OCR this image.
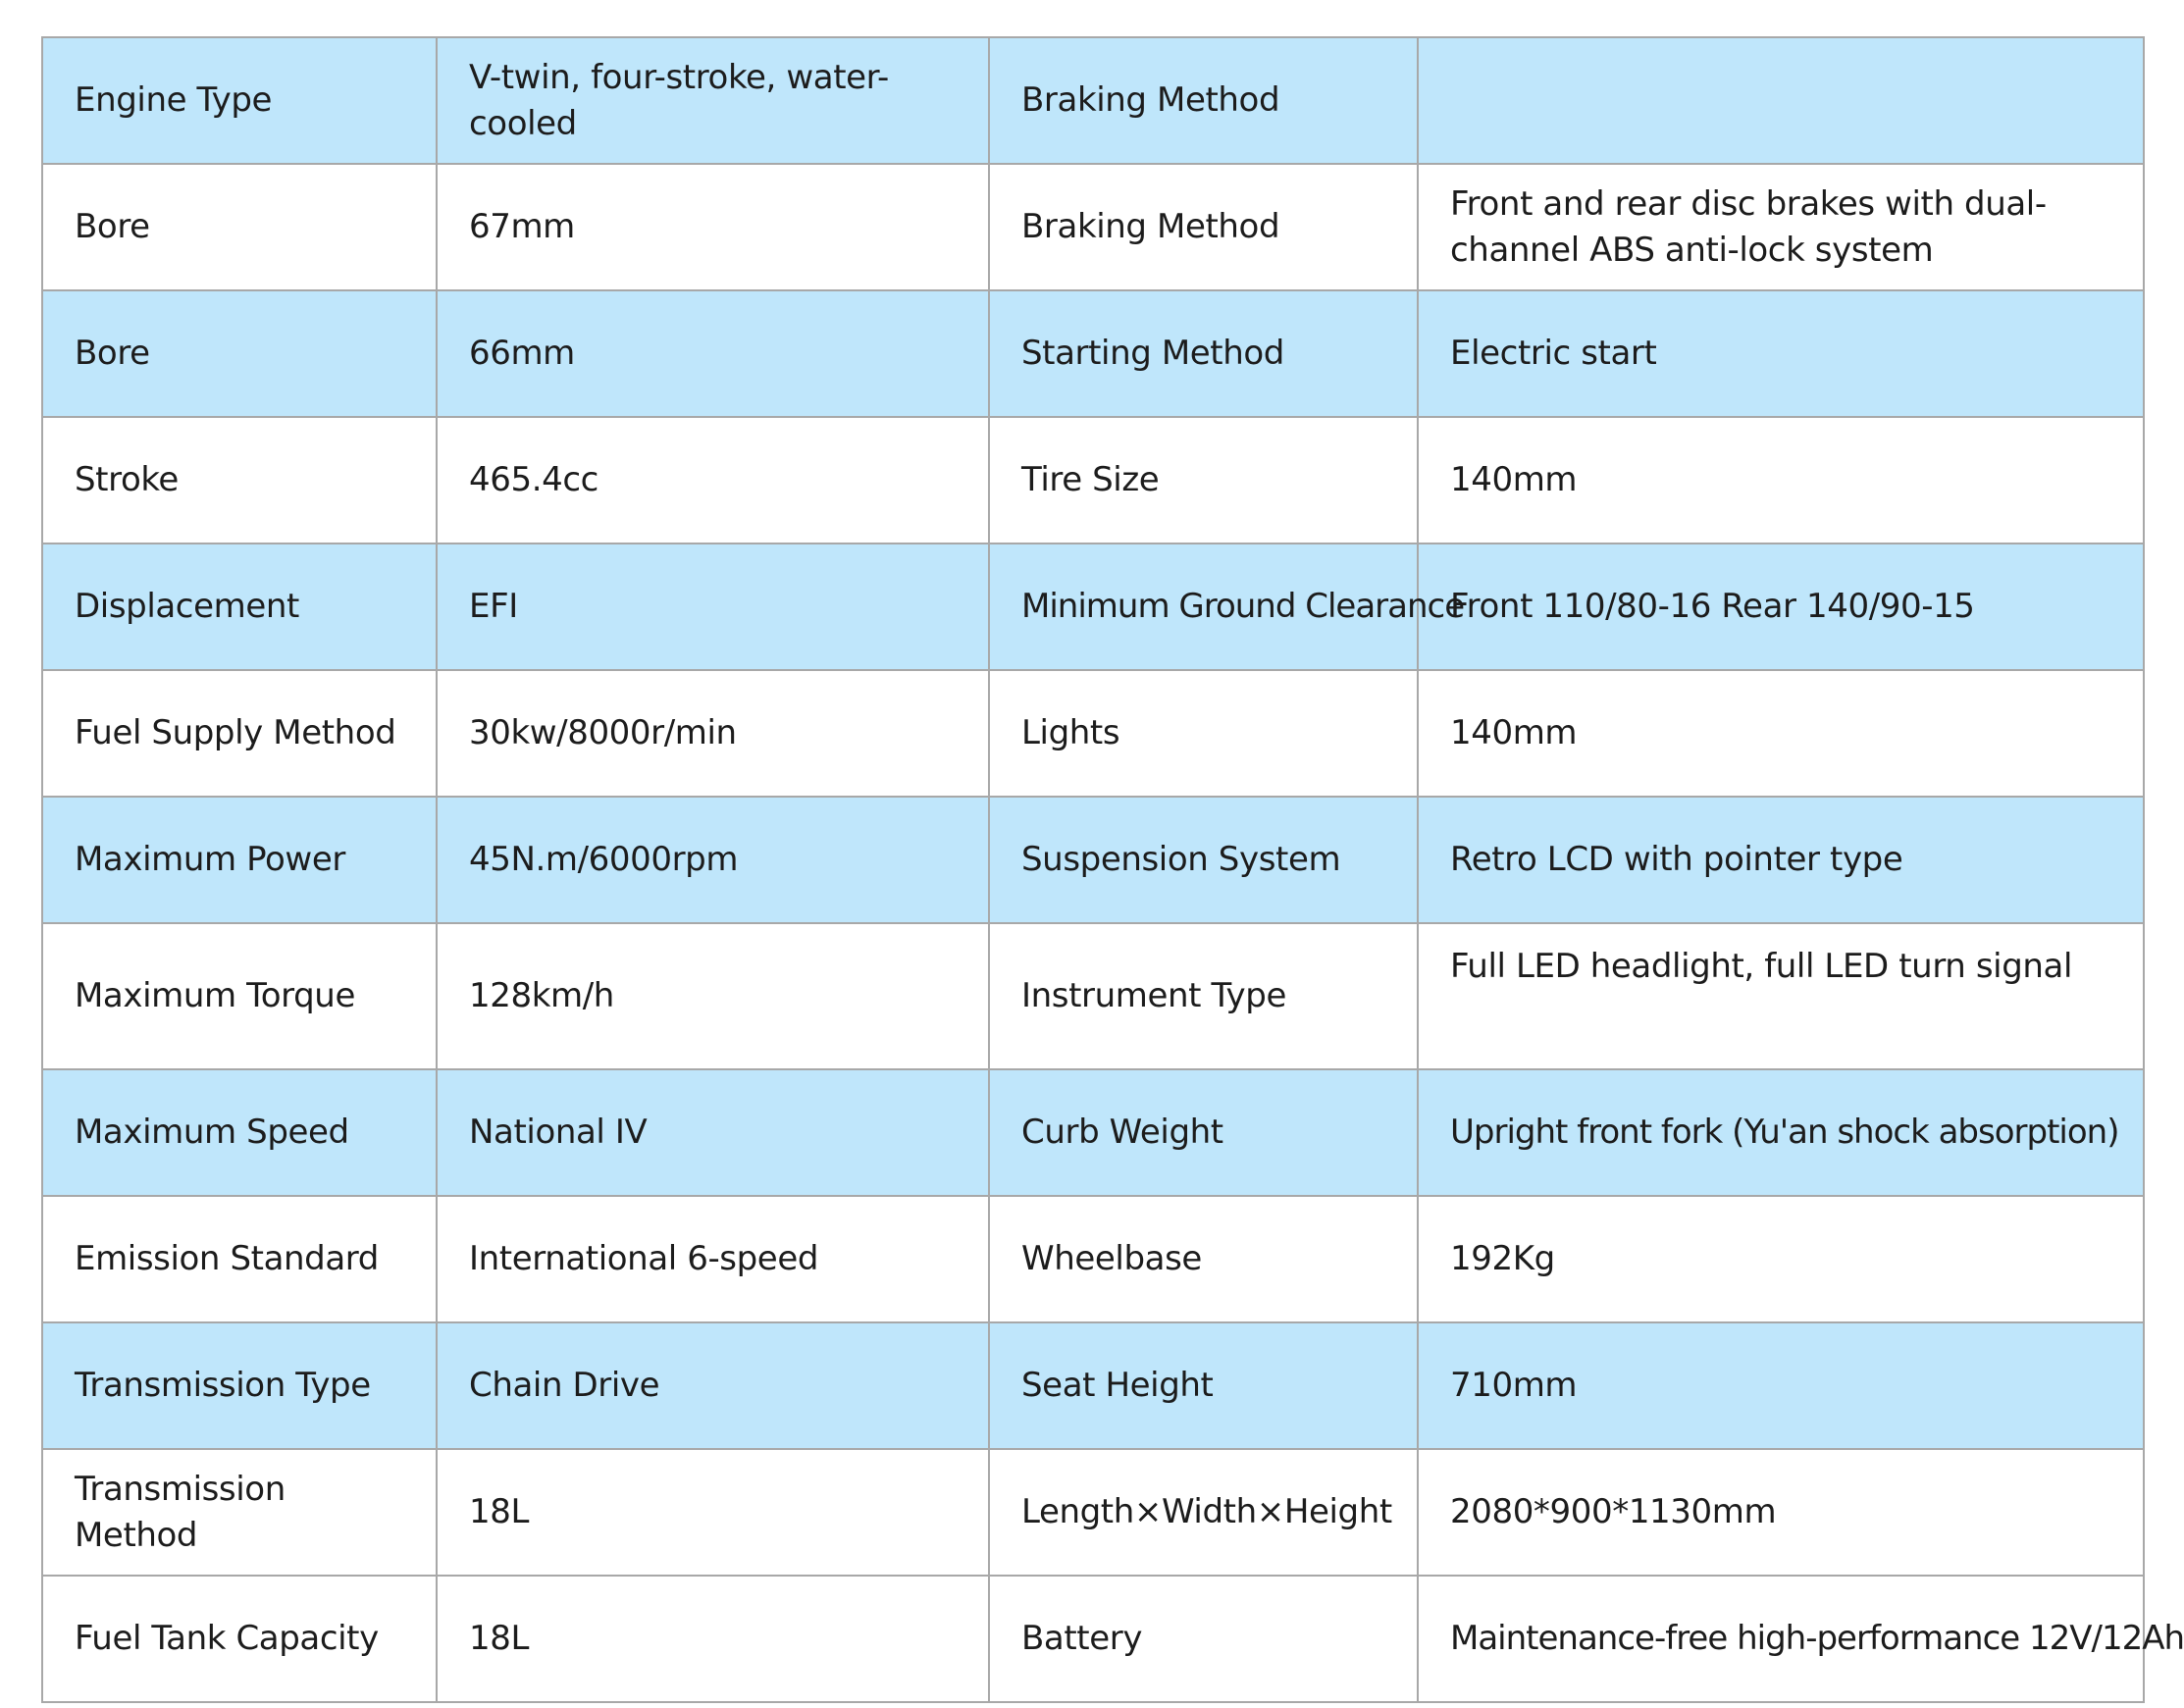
Engine Type	V-twin, four-stroke, water-cooled	Braking Method	
Bore	67mm	Braking Method	Front and rear disc brakes with dual-channel ABS anti-lock system
Bore	66mm	Starting Method	Electric start
Stroke	465.4cc	Tire Size	140mm
Displacement	EFI	Minimum Ground Clearance	Front 110/80-16 Rear 140/90-15
Fuel Supply Method	30kw/8000r/min	Lights	140mm
Maximum Power	45N.m/6000rpm	Suspension System	Retro LCD with pointer type
Maximum Torque	128km/h	Instrument Type	Full LED headlight, full LED turn signal
Maximum Speed	National IV	Curb Weight	Upright front fork (Yu'an shock absorption)
Emission Standard	International 6-speed	Wheelbase	192Kg
Transmission Type	Chain Drive	Seat Height	710mm
Transmission Method	18L	Length×Width×Height	2080*900*1130mm
Fuel Tank Capacity	18L	Battery	Maintenance-free high-performance 12V/12Ah
